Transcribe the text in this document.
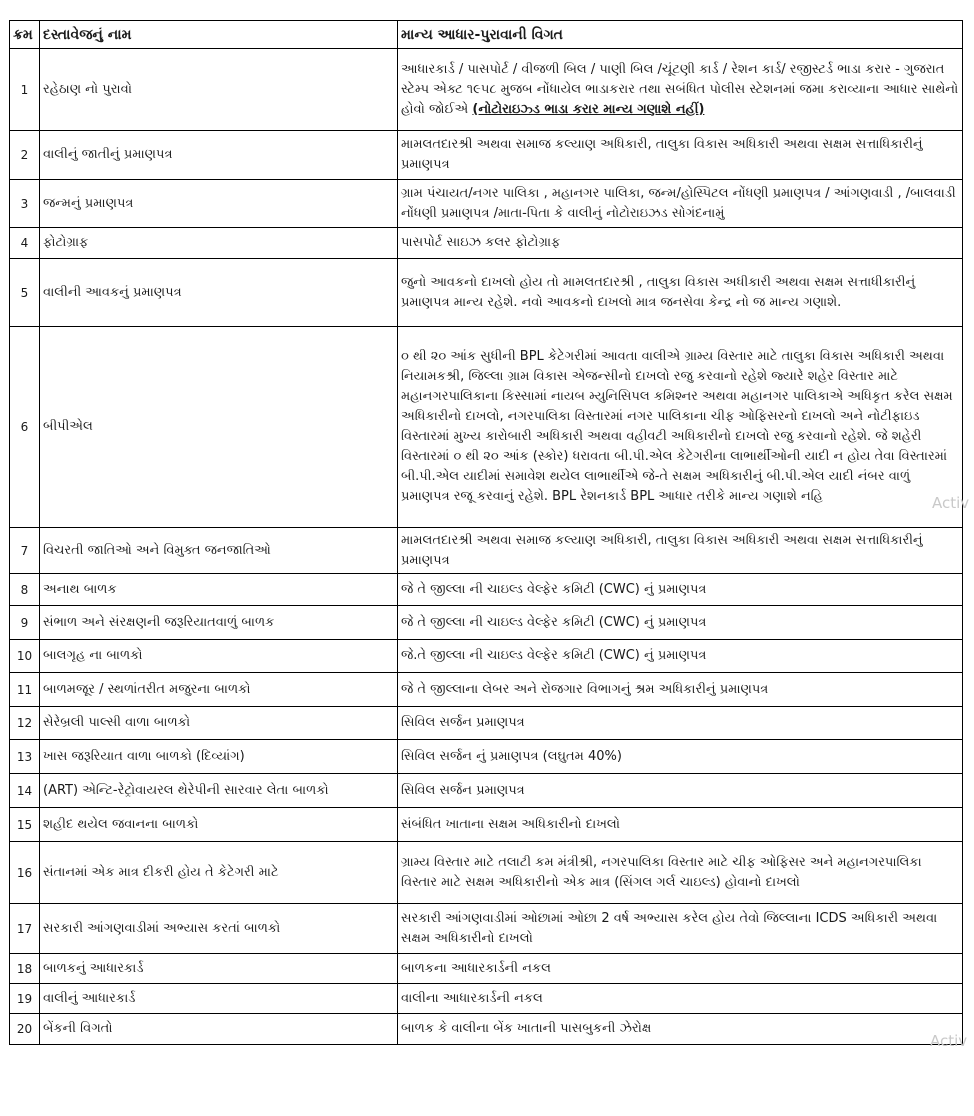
ક્રમ	દસ્તાવેજનું નામ	માન્ય આધાર-પુરાવાની વિગત
1	રહેઠાણ નો પુરાવો	આધારકાર્ડ / પાસપોર્ટ / વીજળી બિલ / પાણી બિલ /ચૂંટણી કાર્ડ / રેશન કાર્ડ/ રજીસ્ટર્ડ ભાડા કરાર - ગુજરાત સ્ટેમ્પ એક્ટ ૧૯૫૮ મુજબ નોંધાયેલ ભાડાકરાર તથા સબંધિત પોલીસ સ્ટેશનમાં જમા કરાવ્યાના આધાર સાથેનો હોવો જોઈએ (નોટોરાઇઝ્ડ ભાડા કરાર માન્ય ગણાશે નહીં)
2	વાલીનું જાતીનું પ્રમાણપત્ર	મામલતદારશ્રી અથવા સમાજ કલ્યાણ અધિકારી, તાલુકા વિકાસ અધિકારી અથવા સક્ષમ સત્તાધિકારીનું પ્રમાણપત્ર
3	જન્મનું પ્રમાણપત્ર	ગ્રામ પંચાયત/નગર પાલિકા , મહાનગર પાલિકા, જન્મ/હોસ્પિટલ નોંધણી પ્રમાણપત્ર / આંગણવાડી , /બાલવાડી નોંધણી પ્રમાણપત્ર /માતા-પિતા કે વાલીનું નોટોરાઇઝડ સોગંદનામું
4	ફોટોગ્રાફ	પાસપોર્ટ સાઇઝ કલર ફોટોગ્રાફ
5	વાલીની આવકનું પ્રમાણપત્ર	જુનો આવકનો દાખલો હોય તો મામલતદારશ્રી , તાલુકા વિકાસ અધીકારી અથવા સક્ષમ સત્તાધીકારીનું પ્રમાણપત્ર માન્ય રહેશે. નવો આવકનો દાખલો માત્ર જનસેવા કેન્દ્ર નો જ માન્ય ગણાશે.
6	બીપીએલ	૦ થી ૨૦ આંક સુધીની BPL કેટેગરીમાં આવતા વાલીએ ગ્રામ્ય વિસ્તાર માટે તાલુકા વિકાસ અધિકારી અથવા નિયામકશ્રી, જિલ્લા ગ્રામ વિકાસ એજન્સીનો દાખલો રજુ કરવાનો રહેશે જ્યારે શહેર વિસ્તાર માટે મહાનગરપાલિકાના કિસ્સામાં નાયબ મ્યુનિસિપલ કમિશ્નર અથવા મહાનગર પાલિકાએ અધિકૃત કરેલ સક્ષમ અધિકારીનો દાખલો, નગરપાલિકા વિસ્તારમાં નગર પાલિકાના ચીફ ઓફિસરનો દાખલો અને નોટીફાઇડ વિસ્તારમાં મુખ્ય કારોબારી અધિકારી અથવા વહીવટી અધિકારીનો દાખલો રજુ કરવાનો રહેશે. જે શહેરી વિસ્તારમાં ૦ થી ૨૦ આંક (સ્કોર) ધરાવતા બી.પી.એલ કેટેગરીના લાભાર્થીઓની યાદી ન હોય તેવા વિસ્તારમાં બી.પી.એલ યાદીમાં સમાવેશ થયેલ લાભાર્થીએ જે-તે સક્ષમ અધિકારીનું બી.પી.એલ યાદી નંબર વાળું પ્રમાણપત્ર રજૂ કરવાનું રહેશે. BPL રેશનકાર્ડ BPL આધાર તરીકે માન્ય ગણાશે નહિ
7	વિચરતી જાતિઓ અને વિમુક્ત જનજાતિઓ	મામલતદારશ્રી અથવા સમાજ કલ્યાણ અધિકારી, તાલુકા વિકાસ અધિકારી અથવા સક્ષમ સત્તાધિકારીનું પ્રમાણપત્ર
8	અનાથ બાળક	જે તે જીલ્લા ની ચાઇલ્ડ વેલ્ફેર કમિટી (CWC) નું પ્રમાણપત્ર
9	સંભાળ અને સંરક્ષણની જરૂરિયાતવાળું બાળક	જે તે જીલ્લા ની ચાઇલ્ડ વેલ્ફેર કમિટી (CWC) નું પ્રમાણપત્ર
10	બાલગૃહ ના બાળકો	જે.તે જીલ્લા ની ચાઇલ્ડ વેલ્ફેર કમિટી (CWC) નું પ્રમાણપત્ર
11	બાળમજૂર / સ્થળાંતરીત મજુરના બાળકો	જે તે જીલ્લાના લેબર અને રોજગાર વિભાગનું શ્રમ અધિકારીનું પ્રમાણપત્ર
12	સેરેબ્રલી પાલ્સી વાળા બાળકો	સિવિલ સર્જન પ્રમાણપત્ર
13	ખાસ જરૂરિયાત વાળા બાળકો (દિવ્યાંગ)	સિવિલ સર્જન નું પ્રમાણપત્ર (લઘુતમ 40%)
14	(ART) એન્ટિ-રેટ્રોવાયરલ થેરેપીની સારવાર લેતા બાળકો	સિવિલ સર્જન પ્રમાણપત્ર
15	શહીદ થયેલ જવાનના બાળકો	સંબંધિત ખાતાના સક્ષમ અધિકારીનો દાખલો
16	સંતાનમાં એક માત્ર દીકરી હોય તે કેટેગરી માટે	ગ્રામ્ય વિસ્તાર માટે તલાટી કમ મંત્રીશ્રી, નગરપાલિકા વિસ્તાર માટે ચીફ ઓફિસર અને મહાનગરપાલિકા વિસ્તાર માટે સક્ષમ અધિકારીનો એક માત્ર (સિંગલ ગર્લ ચાઇલ્ડ) હોવાનો દાખલો
17	સરકારી આંગણવાડીમાં અભ્યાસ કરતાં બાળકો	સરકારી આંગણવાડીમાં ઓછામાં ઓછા 2 વર્ષ અભ્યાસ કરેલ હોય તેવો જિલ્લાના ICDS અધિકારી અથવા સક્ષમ અધિકારીનો દાખલો
18	બાળકનું આધારકાર્ડ	બાળકના આધારકાર્ડની નકલ
19	વાલીનું આધારકાર્ડ	વાલીના આધારકાર્ડની નકલ
20	બેંકની વિગતો	બાળક કે વાલીના બેંક ખાતાની પાસબુકની ઝેરોક્ષ
Activ
Activ
